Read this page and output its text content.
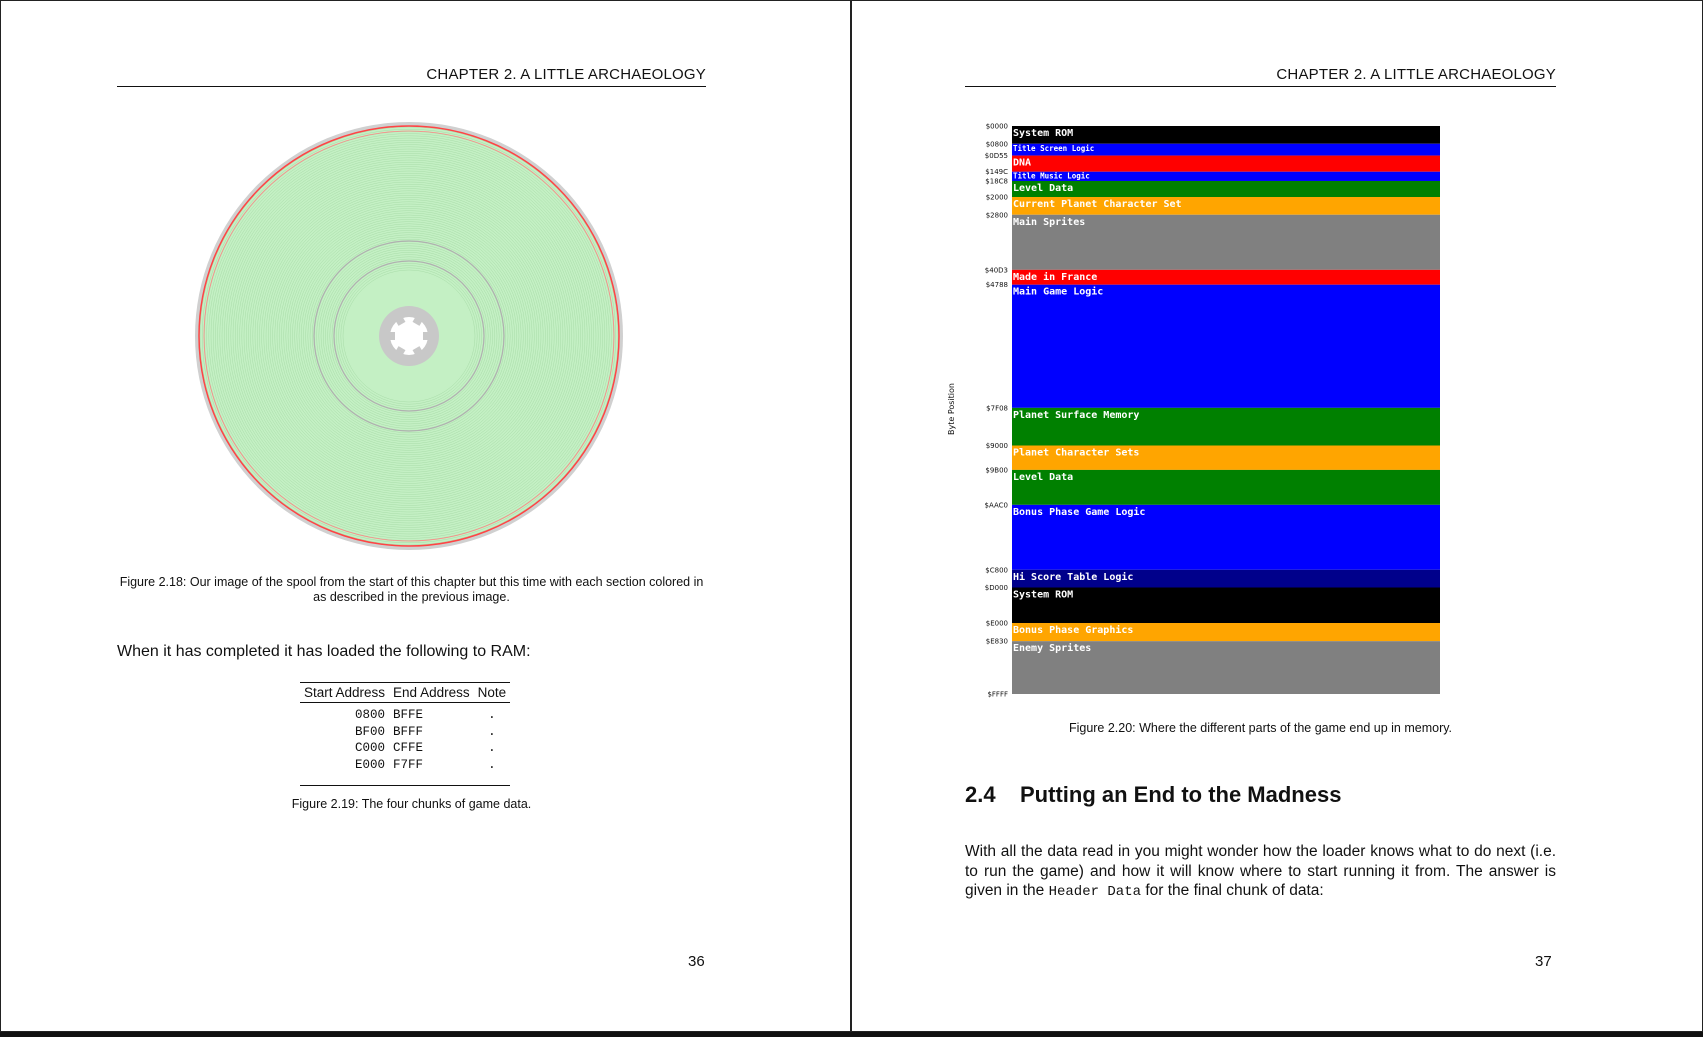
CHAPTER 2. A LITTLE ARCHAEOLOGY
Figure 2.18: Our image of the spool from the start of this chapter but this time with each section colored in as described in the previous image.
When it has completed it has loaded the following to RAM:
Start Address	End Address	Note
0800	BFFE	.
BF00	BFFF	.
C000	CFFE	.
E000	F7FF	.
Figure 2.19: The four chunks of game data.
36
CHAPTER 2. A LITTLE ARCHAEOLOGY
Byte Position
$0000
$0800
$0D55
$149C
$18C8
$2000
$2800
$40D3
$4788
$7F08
$9000
$9B00
$AAC0
$C800
$D000
$E000
$E830
$FFFF
System ROM
Title Screen Logic
DNA
Title Music Logic
Level Data
Current Planet Character Set
Main Sprites
Made in France
Main Game Logic
Planet Surface Memory
Planet Character Sets
Level Data
Bonus Phase Game Logic
Hi Score Table Logic
System ROM
Bonus Phase Graphics
Enemy Sprites
Figure 2.20: Where the different parts of the game end up in memory.
2.4 Putting an End to the Madness
With all the data read in you might wonder how the loader knows what to do next (i.e. to run the game) and how it will know where to start running it from. The answer is given in the Header Data for the final chunk of data:
37
